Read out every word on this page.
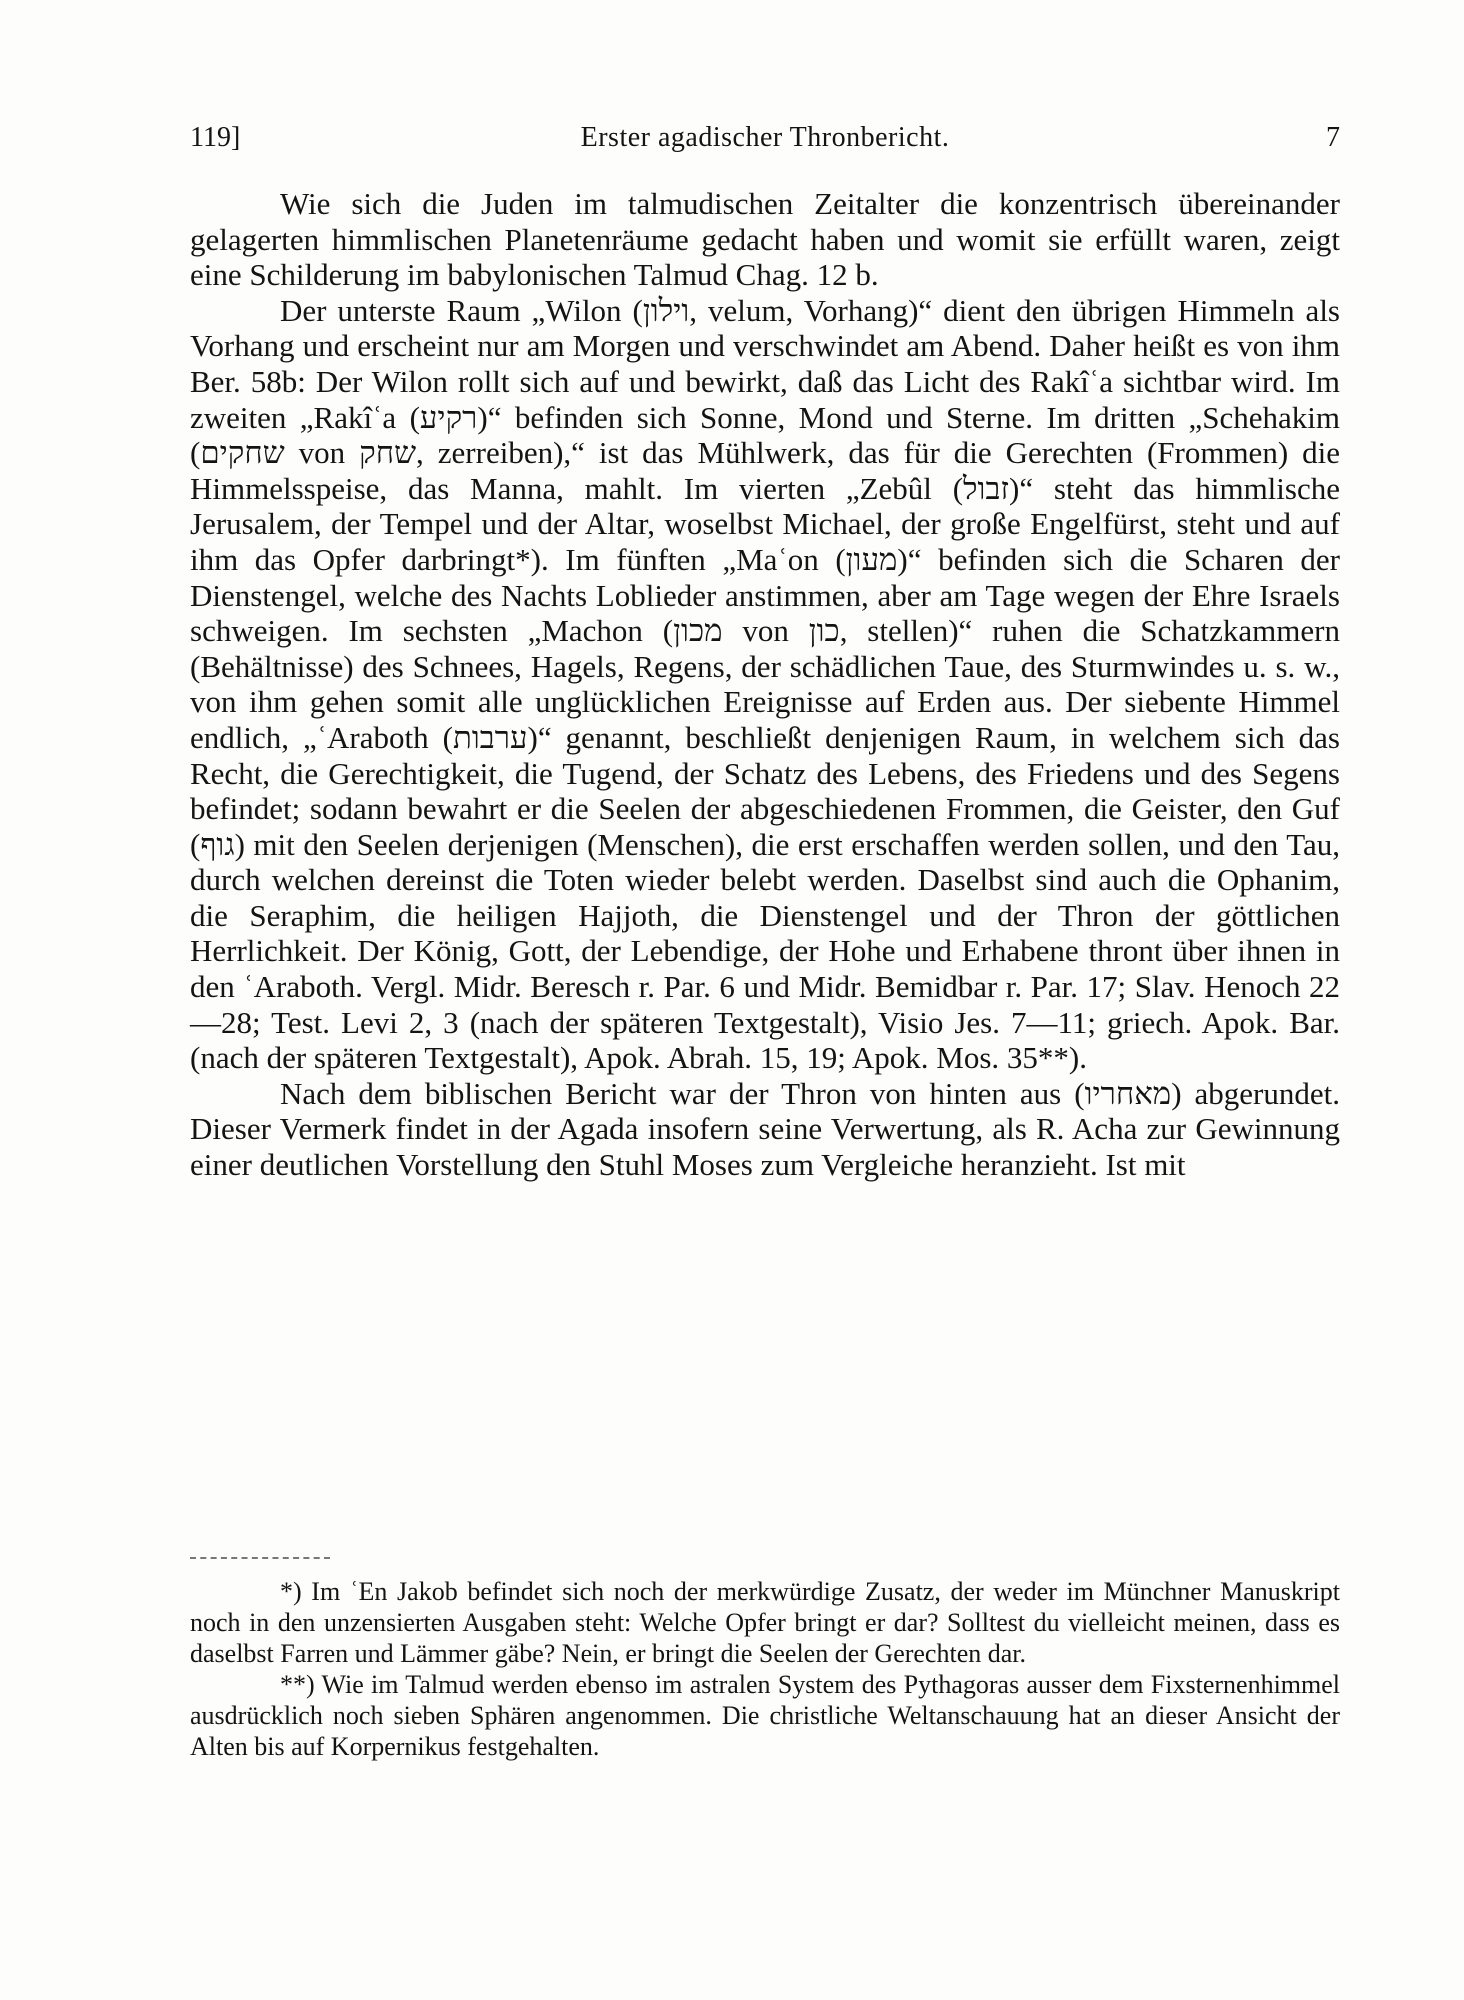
119]	Erster agadischer Thronbericht.	7

Wie sich die Juden im talmudischen Zeitalter die konzentrisch übereinander gelagerten himmlischen Planetenräume gedacht haben und womit sie erfüllt waren, zeigt eine Schilderung im babylonischen Talmud Chag. 12 b.

Der unterste Raum „Wilon (וילון, velum, Vorhang)“ dient den übrigen Himmeln als Vorhang und erscheint nur am Morgen und verschwindet am Abend. Daher heißt es von ihm Ber. 58b: Der Wilon rollt sich auf und bewirkt, daß das Licht des Rakîʿa sichtbar wird. Im zweiten „Rakîʿa (רקיע)“ befinden sich Sonne, Mond und Sterne. Im dritten „Schehakim (שחקים von שחק, zerreiben),“ ist das Mühlwerk, das für die Gerechten (Frommen) die Himmelsspeise, das Manna, mahlt. Im vierten „Zebûl (זבול)“ steht das himmlische Jerusalem, der Tempel und der Altar, woselbst Michael, der große Engelfürst, steht und auf ihm das Opfer darbringt*). Im fünften „Maʿon (מעון)“ befinden sich die Scharen der Dienstengel, welche des Nachts Loblieder anstimmen, aber am Tage wegen der Ehre Israels schweigen. Im sechsten „Machon (מכון von כון, stellen)“ ruhen die Schatzkammern (Behältnisse) des Schnees, Hagels, Regens, der schädlichen Taue, des Sturmwindes u. s. w., von ihm gehen somit alle unglücklichen Ereignisse auf Erden aus. Der siebente Himmel endlich, „ʿAraboth (ערבות)“ genannt, beschließt denjenigen Raum, in welchem sich das Recht, die Gerechtigkeit, die Tugend, der Schatz des Lebens, des Friedens und des Segens befindet; sodann bewahrt er die Seelen der abgeschiedenen Frommen, die Geister, den Guf (גוף) mit den Seelen derjenigen (Menschen), die erst erschaffen werden sollen, und den Tau, durch welchen dereinst die Toten wieder belebt werden. Daselbst sind auch die Ophanim, die Seraphim, die heiligen Hajjoth, die Dienstengel und der Thron der göttlichen Herrlichkeit. Der König, Gott, der Lebendige, der Hohe und Erhabene thront über ihnen in den ʿAraboth. Vergl. Midr. Beresch r. Par. 6 und Midr. Bemidbar r. Par. 17; Slav. Henoch 22—28; Test. Levi 2, 3 (nach der späteren Textgestalt), Visio Jes. 7—11; griech. Apok. Bar. (nach der späteren Textgestalt), Apok. Abrah. 15, 19; Apok. Mos. 35**).

Nach dem biblischen Bericht war der Thron von hinten aus (מאחריו) abgerundet. Dieser Vermerk findet in der Agada insofern seine Verwertung, als R. Acha zur Gewinnung einer deutlichen Vorstellung den Stuhl Moses zum Vergleiche heranzieht. Ist mit

*) Im ʿEn Jakob befindet sich noch der merkwürdige Zusatz, der weder im Münchner Manuskript noch in den unzensierten Ausgaben steht: Welche Opfer bringt er dar? Solltest du vielleicht meinen, dass es daselbst Farren und Lämmer gäbe? Nein, er bringt die Seelen der Gerechten dar.

**) Wie im Talmud werden ebenso im astralen System des Pythagoras ausser dem Fixsternenhimmel ausdrücklich noch sieben Sphären angenommen. Die christliche Weltanschauung hat an dieser Ansicht der Alten bis auf Korpernikus festgehalten.
